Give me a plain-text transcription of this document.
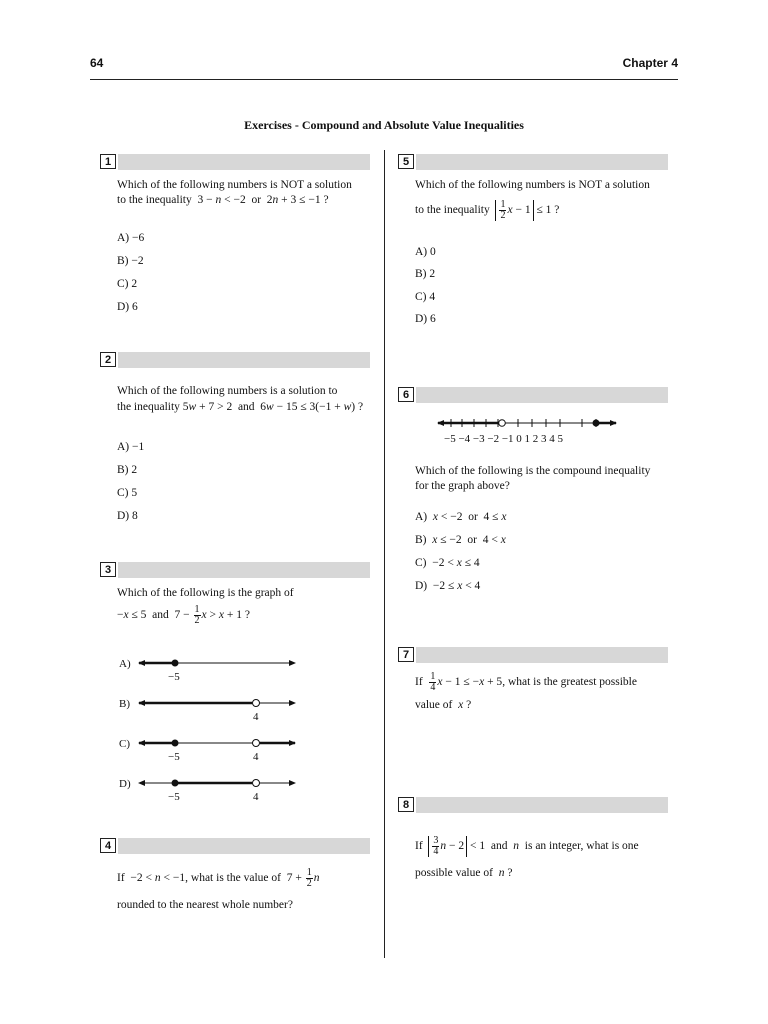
64	Chapter 4
Exercises - Compound and Absolute Value Inequalities
1
Which of the following numbers is NOT a solution
to the inequality  3 − n < −2  or  2n + 3 ≤ −1 ?
A) −6
B) −2
C) 2
D) 6
2
Which of the following numbers is a solution to
the inequality 5w + 7 > 2  and  6w − 15 ≤ 3(−1 + w) ?
A) −1
B) 2
C) 5
D) 8
3
Which of the following is the graph of
−x ≤ 5  and  $7 - \frac{1}{2}$ x > x + 1 ?
A)
−5
B)
4
C)
−5	4
D)
−5	4
4
If  −2 < n < −1, what is the value of  $7 + \frac{1}{2}$ n
rounded to the nearest whole number?
5
Which of the following numbers is NOT a solution
to the inequality $\frac{1}{2}$ x − 1 ≤ 1 ?
A) 0
B) 2
C) 4
D) 6
6
−5 −4 −3 −2 −1 0 1 2 3 4 5
Which of the following is the compound inequality
for the graph above?
A) x < −2  or  4 ≤ x
B) x ≤ −2  or  4 < x
C)  −2 < x ≤ 4
D)  −2 ≤ x < 4
7
If $\frac{1}{4}$ x − 1 ≤ −x + 5, what is the greatest possible
value of x ?
8
If $\frac{3}{4}$ n − 2 < 1  and n is an integer, what is one
possible value of n ?
